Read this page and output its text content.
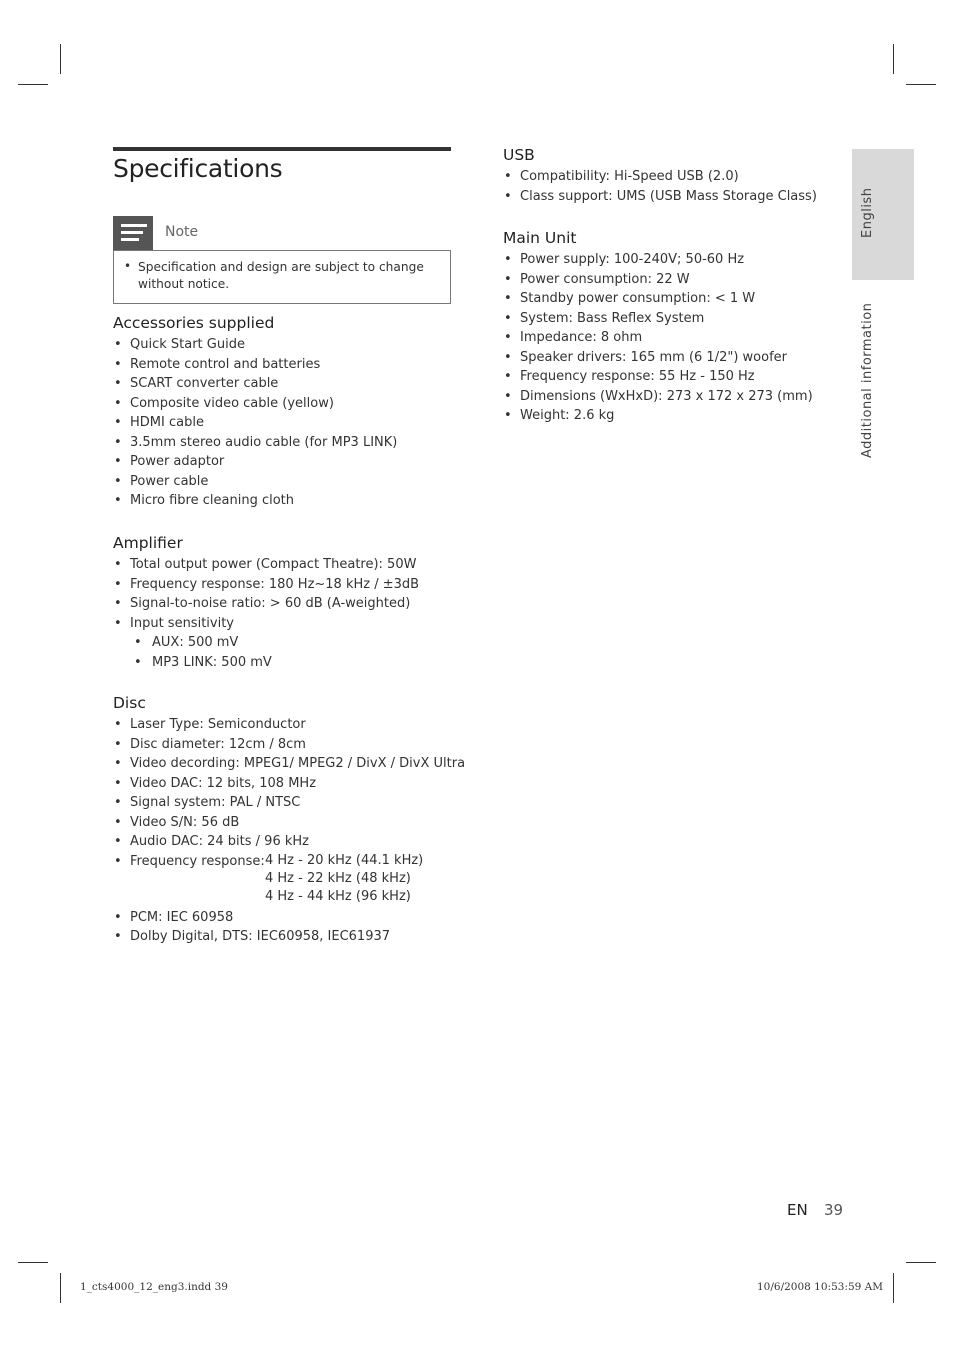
Specifications
Note
• Specification and design are subject to change without notice.
Accessories supplied
• Quick Start Guide
• Remote control and batteries
• SCART converter cable
• Composite video cable (yellow)
• HDMI cable
• 3.5mm stereo audio cable (for MP3 LINK)
• Power adaptor
• Power cable
• Micro fibre cleaning cloth
Amplifier
• Total output power (Compact Theatre): 50W
• Frequency response: 180 Hz~18 kHz / ±3dB
• Signal-to-noise ratio: > 60 dB (A-weighted)
• Input sensitivity
• AUX: 500 mV
• MP3 LINK: 500 mV
Disc
• Laser Type: Semiconductor
• Disc diameter: 12cm / 8cm
• Video decording: MPEG1/ MPEG2 / DivX / DivX Ultra
• Video DAC: 12 bits, 108 MHz
• Signal system: PAL / NTSC
• Video S/N: 56 dB
• Audio DAC: 24 bits / 96 kHz
• Frequency response: 4 Hz - 20 kHz (44.1 kHz)
4 Hz - 22 kHz (48 kHz)
4 Hz - 44 kHz (96 kHz)
• PCM: IEC 60958
• Dolby Digital, DTS: IEC60958, IEC61937
USB
• Compatibility: Hi-Speed USB (2.0)
• Class support: UMS (USB Mass Storage Class)
Main Unit
• Power supply: 100-240V; 50-60 Hz
• Power consumption: 22 W
• Standby power consumption: < 1 W
• System: Bass Reflex System
• Impedance: 8 ohm
• Speaker drivers: 165 mm (6 1/2") woofer
• Frequency response: 55 Hz - 150 Hz
• Dimensions (WxHxD): 273 x 172 x 273 (mm)
• Weight: 2.6 kg
English
Additional information
EN 39
1_cts4000_12_eng3.indd 39	10/6/2008 10:53:59 AM
